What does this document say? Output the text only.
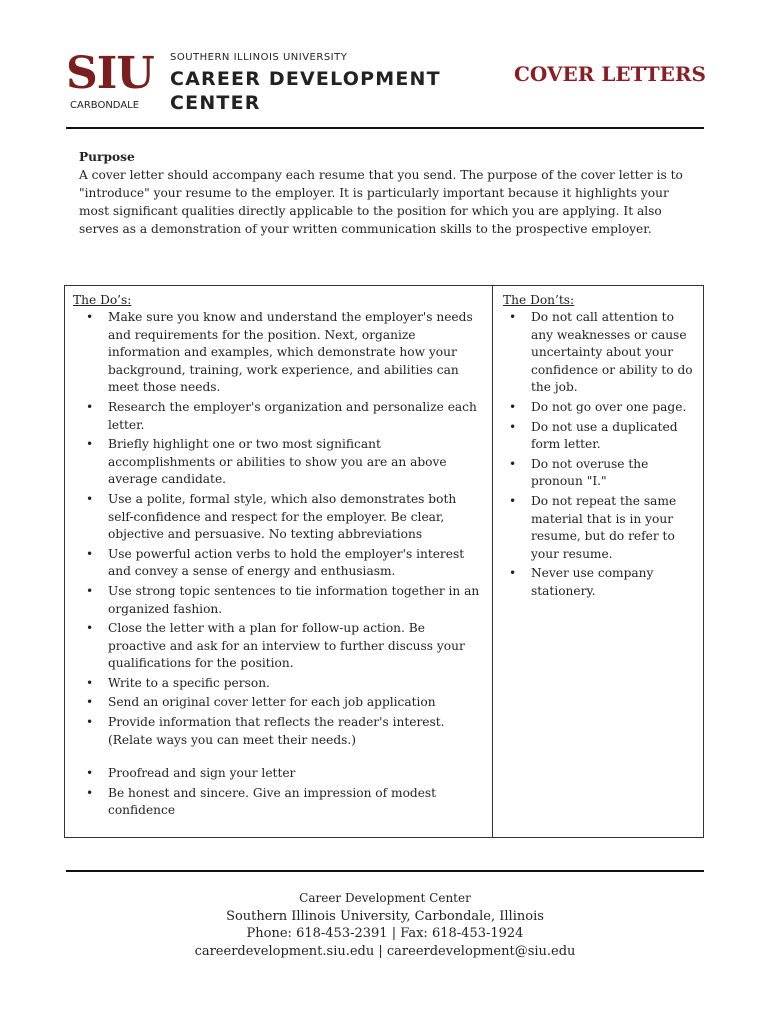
SIU
CARBONDALE
SOUTHERN ILLINOIS UNIVERSITY
CAREER DEVELOPMENT
CENTER
COVER LETTERS
Purpose
A cover letter should accompany each resume that you send. The purpose of the cover letter is to "introduce" your resume to the employer. It is particularly important because it highlights your most significant qualities directly applicable to the position for which you are applying. It also serves as a demonstration of your written communication skills to the prospective employer.
The Do’s:
• Make sure you know and understand the employer's needs and requirements for the position. Next, organize information and examples, which demonstrate how your background, training, work experience, and abilities can meet those needs.
• Research the employer's organization and personalize each letter.
• Briefly highlight one or two most significant accomplishments or abilities to show you are an above average candidate.
• Use a polite, formal style, which also demonstrates both self-confidence and respect for the employer. Be clear, objective and persuasive. No texting abbreviations
• Use powerful action verbs to hold the employer's interest and convey a sense of energy and enthusiasm.
• Use strong topic sentences to tie information together in an organized fashion.
• Close the letter with a plan for follow-up action. Be proactive and ask for an interview to further discuss your qualifications for the position.
• Write to a specific person.
• Send an original cover letter for each job application
• Provide information that reflects the reader's interest. (Relate ways you can meet their needs.)
• Proofread and sign your letter
• Be honest and sincere. Give an impression of modest confidence
The Don’ts:
• Do not call attention to any weaknesses or cause uncertainty about your confidence or ability to do the job.
• Do not go over one page.
• Do not use a duplicated form letter.
• Do not overuse the pronoun "I."
• Do not repeat the same material that is in your resume, but do refer to your resume.
• Never use company stationery.
Career Development Center
Southern Illinois University, Carbondale, Illinois
Phone: 618-453-2391 | Fax: 618-453-1924
careerdevelopment.siu.edu | careerdevelopment@siu.edu
